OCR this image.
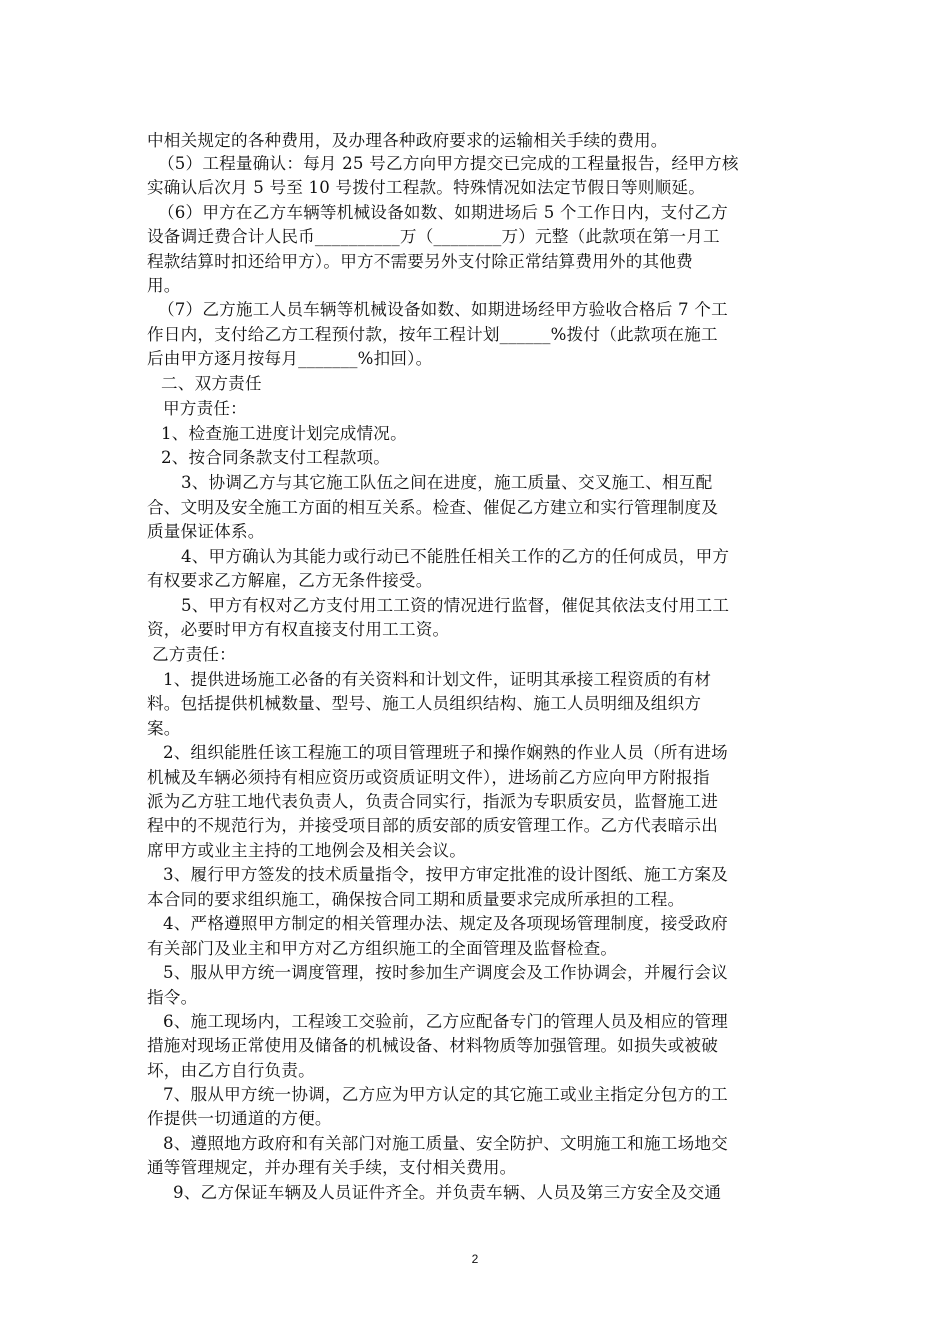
中相关规定的各种费用，及办理各种政府要求的运输相关手续的费用。
（5）工程量确认：每月 25 号乙方向甲方提交已完成的工程量报告，经甲方核
实确认后次月 5 号至 10 号拨付工程款。特殊情况如法定节假日等则顺延。
（6）甲方在乙方车辆等机械设备如数、如期进场后 5 个工作日内，支付乙方
设备调迁费合计人民币__________万（________万）元整（此款项在第一月工
程款结算时扣还给甲方）。甲方不需要另外支付除正常结算费用外的其他费
用。
（7）乙方施工人员车辆等机械设备如数、如期进场经甲方验收合格后 7 个工
作日内，支付给乙方工程预付款，按年工程计划______%拨付（此款项在施工
后由甲方逐月按每月_______%扣回）。
二、双方责任
甲方责任：
1、检查施工进度计划完成情况。
2、按合同条款支付工程款项。
3、协调乙方与其它施工队伍之间在进度，施工质量、交叉施工、相互配
合、文明及安全施工方面的相互关系。检查、催促乙方建立和实行管理制度及
质量保证体系。
4、甲方确认为其能力或行动已不能胜任相关工作的乙方的任何成员，甲方
有权要求乙方解雇，乙方无条件接受。
5、甲方有权对乙方支付用工工资的情况进行监督，催促其依法支付用工工
资，必要时甲方有权直接支付用工工资。
乙方责任：
1、提供进场施工必备的有关资料和计划文件，证明其承接工程资质的有材
料。包括提供机械数量、型号、施工人员组织结构、施工人员明细及组织方
案。
2、组织能胜任该工程施工的项目管理班子和操作娴熟的作业人员（所有进场
机械及车辆必须持有相应资历或资质证明文件），进场前乙方应向甲方附报指
派为乙方驻工地代表负责人，负责合同实行，指派为专职质安员，监督施工进
程中的不规范行为，并接受项目部的质安部的质安管理工作。乙方代表暗示出
席甲方或业主主持的工地例会及相关会议。
3、履行甲方签发的技术质量指令，按甲方审定批准的设计图纸、施工方案及
本合同的要求组织施工，确保按合同工期和质量要求完成所承担的工程。
4、严格遵照甲方制定的相关管理办法、规定及各项现场管理制度，接受政府
有关部门及业主和甲方对乙方组织施工的全面管理及监督检查。
5、服从甲方统一调度管理，按时参加生产调度会及工作协调会，并履行会议
指令。
6、施工现场内，工程竣工交验前，乙方应配备专门的管理人员及相应的管理
措施对现场正常使用及储备的机械设备、材料物质等加强管理。如损失或被破
坏，由乙方自行负责。
7、服从甲方统一协调，乙方应为甲方认定的其它施工或业主指定分包方的工
作提供一切通道的方便。
8、遵照地方政府和有关部门对施工质量、安全防护、文明施工和施工场地交
通等管理规定，并办理有关手续，支付相关费用。
9、乙方保证车辆及人员证件齐全。并负责车辆、人员及第三方安全及交通
2
